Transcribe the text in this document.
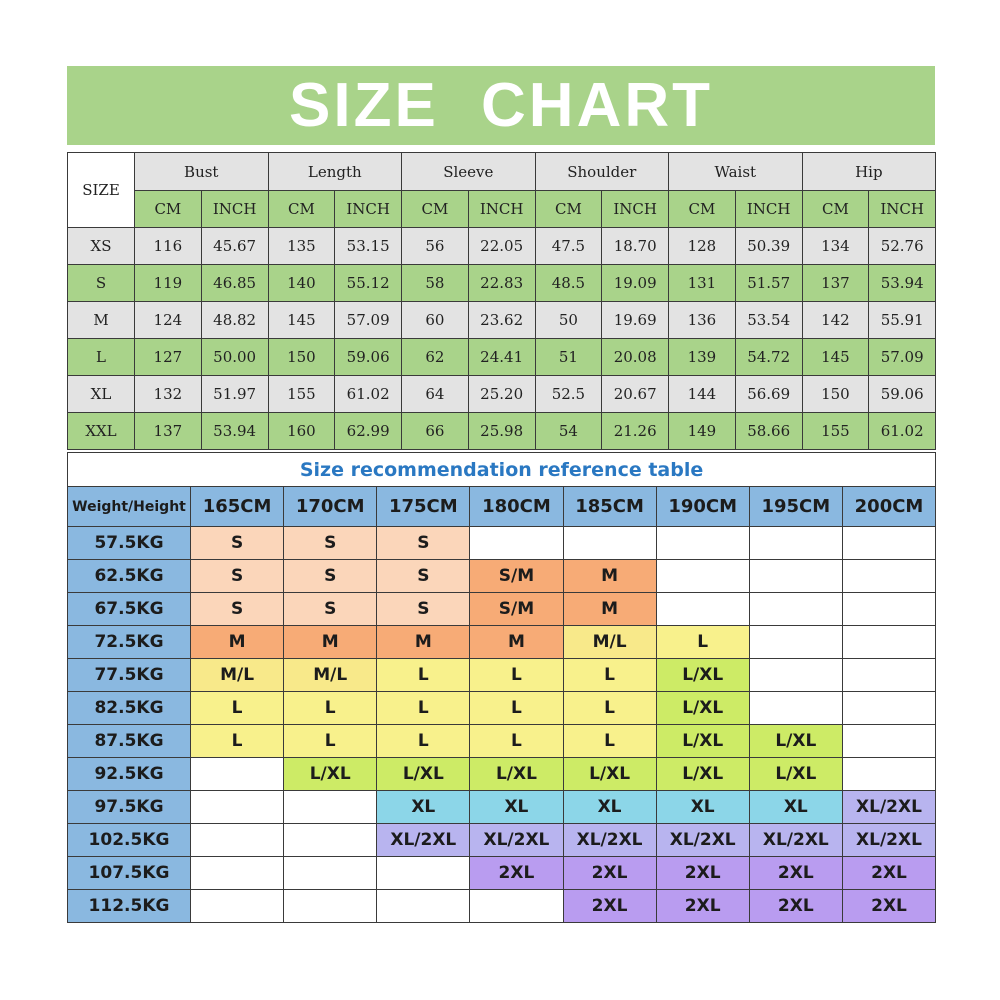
SIZE CHART
SIZE	Bust		Length		Sleeve		Shoulder		Waist		Hip	
	CM	INCH	CM	INCH	CM	INCH	CM	INCH	CM	INCH	CM	INCH
XS	116	45.67	135	53.15	56	22.05	47.5	18.70	128	50.39	134	52.76
S	119	46.85	140	55.12	58	22.83	48.5	19.09	131	51.57	137	53.94
M	124	48.82	145	57.09	60	23.62	50	19.69	136	53.54	142	55.91
L	127	50.00	150	59.06	62	24.41	51	20.08	139	54.72	145	57.09
XL	132	51.97	155	61.02	64	25.20	52.5	20.67	144	56.69	150	59.06
XXL	137	53.94	160	62.99	66	25.98	54	21.26	149	58.66	155	61.02
Size recommendation reference table								
Weight/Height	165CM	170CM	175CM	180CM	185CM	190CM	195CM	200CM
57.5KG	S	S	S					
62.5KG	S	S	S	S/M	M			
67.5KG	S	S	S	S/M	M			
72.5KG	M	M	M	M	M/L	L		
77.5KG	M/L	M/L	L	L	L	L/XL		
82.5KG	L	L	L	L	L	L/XL		
87.5KG	L	L	L	L	L	L/XL	L/XL	
92.5KG		L/XL	L/XL	L/XL	L/XL	L/XL	L/XL	
97.5KG			XL	XL	XL	XL	XL	XL/2XL
102.5KG			XL/2XL	XL/2XL	XL/2XL	XL/2XL	XL/2XL	XL/2XL
107.5KG				2XL	2XL	2XL	2XL	2XL
112.5KG					2XL	2XL	2XL	2XL
